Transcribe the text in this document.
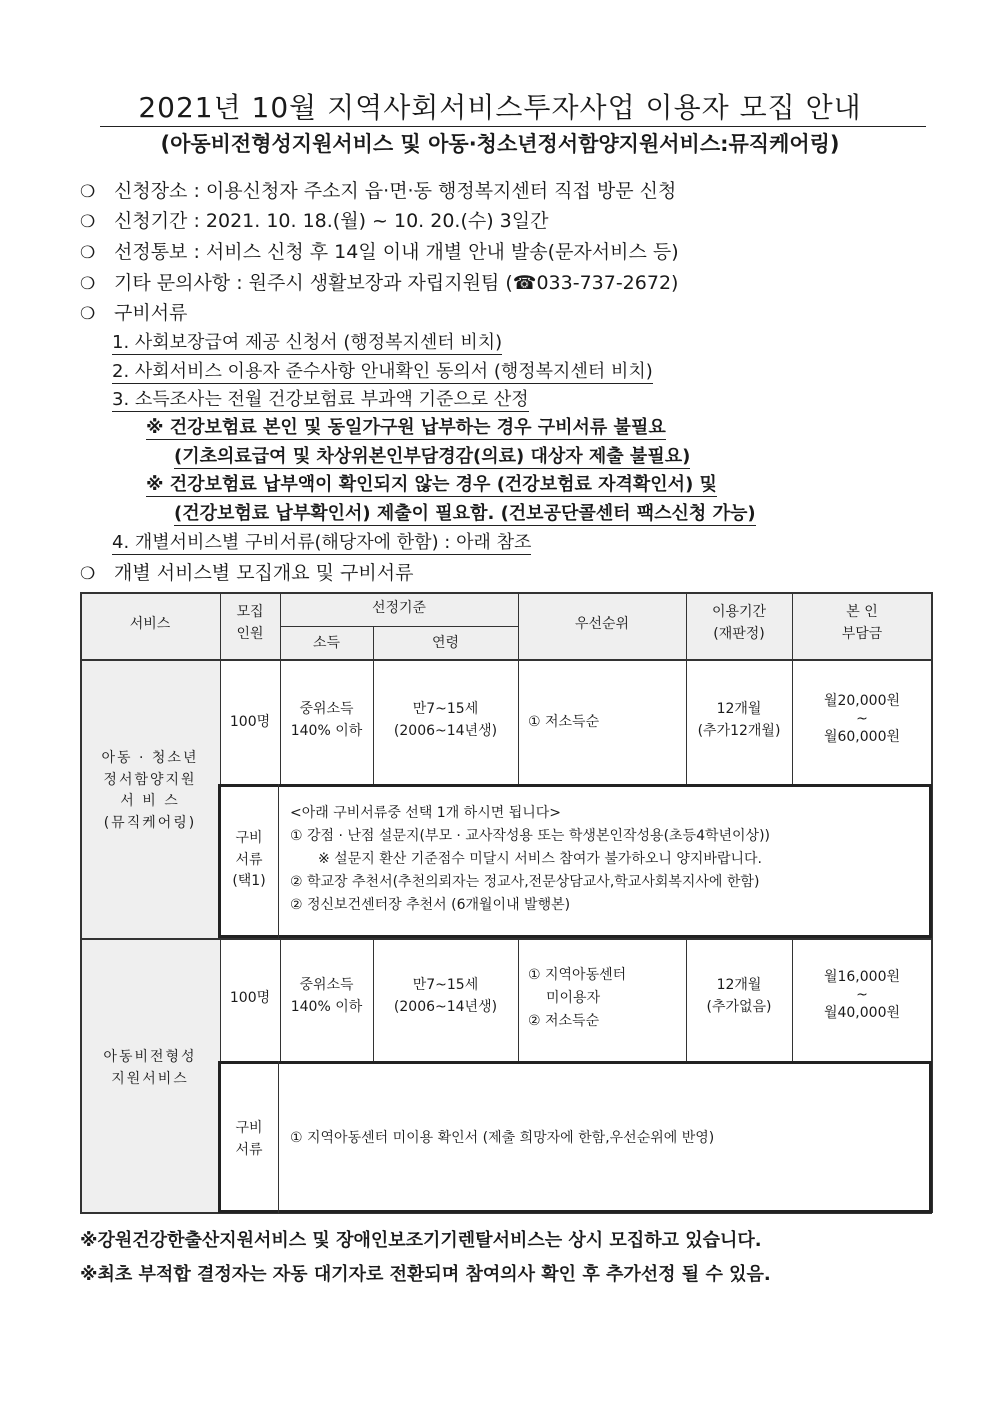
2021년 10월 지역사회서비스투자사업 이용자 모집 안내
(아동비전형성지원서비스 및 아동·청소년정서함양지원서비스:뮤직케어링)
❍ 신청장소 : 이용신청자 주소지 읍·면·동 행정복지센터 직접 방문 신청
❍ 신청기간 : 2021. 10. 18.(월) ~ 10. 20.(수) 3일간
❍ 선정통보 : 서비스 신청 후 14일 이내 개별 안내 발송(문자서비스 등)
❍ 기타 문의사항 : 원주시 생활보장과 자립지원팀 (☎033-737-2672)
❍ 구비서류
1. 사회보장급여 제공 신청서 (행정복지센터 비치)
2. 사회서비스 이용자 준수사항 안내확인 동의서 (행정복지센터 비치)
3. 소득조사는 전월 건강보험료 부과액 기준으로 산정
※ 건강보험료 본인 및 동일가구원 납부하는 경우 구비서류 불필요
(기초의료급여 및 차상위본인부담경감(의료) 대상자 제출 불필요)
※ 건강보험료 납부액이 확인되지 않는 경우 (건강보험료 자격확인서) 및
(건강보험료 납부확인서) 제출이 필요함. (건보공단콜센터 팩스신청 가능)
4. 개별서비스별 구비서류(해당자에 한함) : 아래 참조
❍ 개별 서비스별 모집개요 및 구비서류
서비스
모집
인원
선정기준
소득	연령
우선순위
이용기간
(재판정)
본 인
부담금
아동 · 청소년
정서함양지원
서 비 스
(뮤직케어링)
100명
중위소득
140% 이하
만7~15세
(2006~14년생)
① 저소득순
12개월
(추가12개월)
월20,000원
~
월60,000원
구비
서류
(택1)
<아래 구비서류중 선택 1개 하시면 됩니다>
① 강점 · 난점 설문지(부모 · 교사작성용 또는 학생본인작성용(초등4학년이상))
※ 설문지 환산 기준점수 미달시 서비스 참여가 불가하오니 양지바랍니다.
② 학교장 추천서(추천의뢰자는 정교사,전문상담교사,학교사회복지사에 한함)
② 정신보건센터장 추천서 (6개월이내 발행본)
아동비전형성
지원서비스
100명
중위소득
140% 이하
만7~15세
(2006~14년생)
① 지역아동센터
미이용자
② 저소득순
12개월
(추가없음)
월16,000원
~
월40,000원
구비
서류
① 지역아동센터 미이용 확인서 (제출 희망자에 한함,우선순위에 반영)
※강원건강한출산지원서비스 및 장애인보조기기렌탈서비스는 상시 모집하고 있습니다.
※최초 부적합 결정자는 자동 대기자로 전환되며 참여의사 확인 후 추가선정 될 수 있음.
